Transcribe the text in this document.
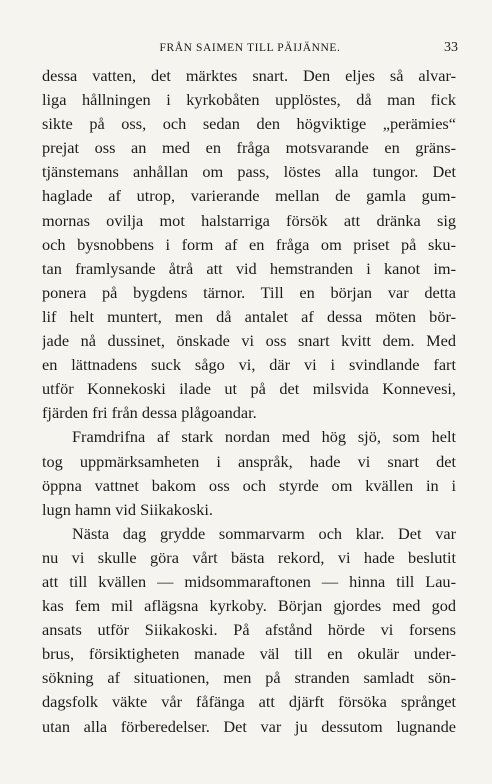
FRÅN SAIMEN TILL PÄIJÄNNE.	33
dessa vatten, det märktes snart. Den eljes så alvar-
liga hållningen i kyrkobåten upplöstes, då man fick
sikte på oss, och sedan den högviktige „perämies“
prejat oss an med en fråga motsvarande en gräns-
tjänstemans anhållan om pass, löstes alla tungor. Det
haglade af utrop, varierande mellan de gamla gum-
mornas ovilja mot halstarriga försök att dränka sig
och bysnobbens i form af en fråga om priset på sku-
tan framlysande åtrå att vid hemstranden i kanot im-
ponera på bygdens tärnor. Till en början var detta
lif helt muntert, men då antalet af dessa möten bör-
jade nå dussinet, önskade vi oss snart kvitt dem. Med
en lättnadens suck sågo vi, där vi i svindlande fart
utför Konnekoski ilade ut på det milsvida Konnevesi,
fjärden fri från dessa plågoandar.
Framdrifna af stark nordan med hög sjö, som helt
tog uppmärksamheten i anspråk, hade vi snart det
öppna vattnet bakom oss och styrde om kvällen in i
lugn hamn vid Siikakoski.
Nästa dag grydde sommarvarm och klar. Det var
nu vi skulle göra vårt bästa rekord, vi hade beslutit
att till kvällen — midsommaraftonen — hinna till Lau-
kas fem mil aflägsna kyrkoby. Början gjordes med god
ansats utför Siikakoski. På afstånd hörde vi forsens
brus, försiktigheten manade väl till en okulär under-
sökning af situationen, men på stranden samladt sön-
dagsfolk väkte vår fåfänga att djärft försöka språnget
utan alla förberedelser. Det var ju dessutom lugnande
